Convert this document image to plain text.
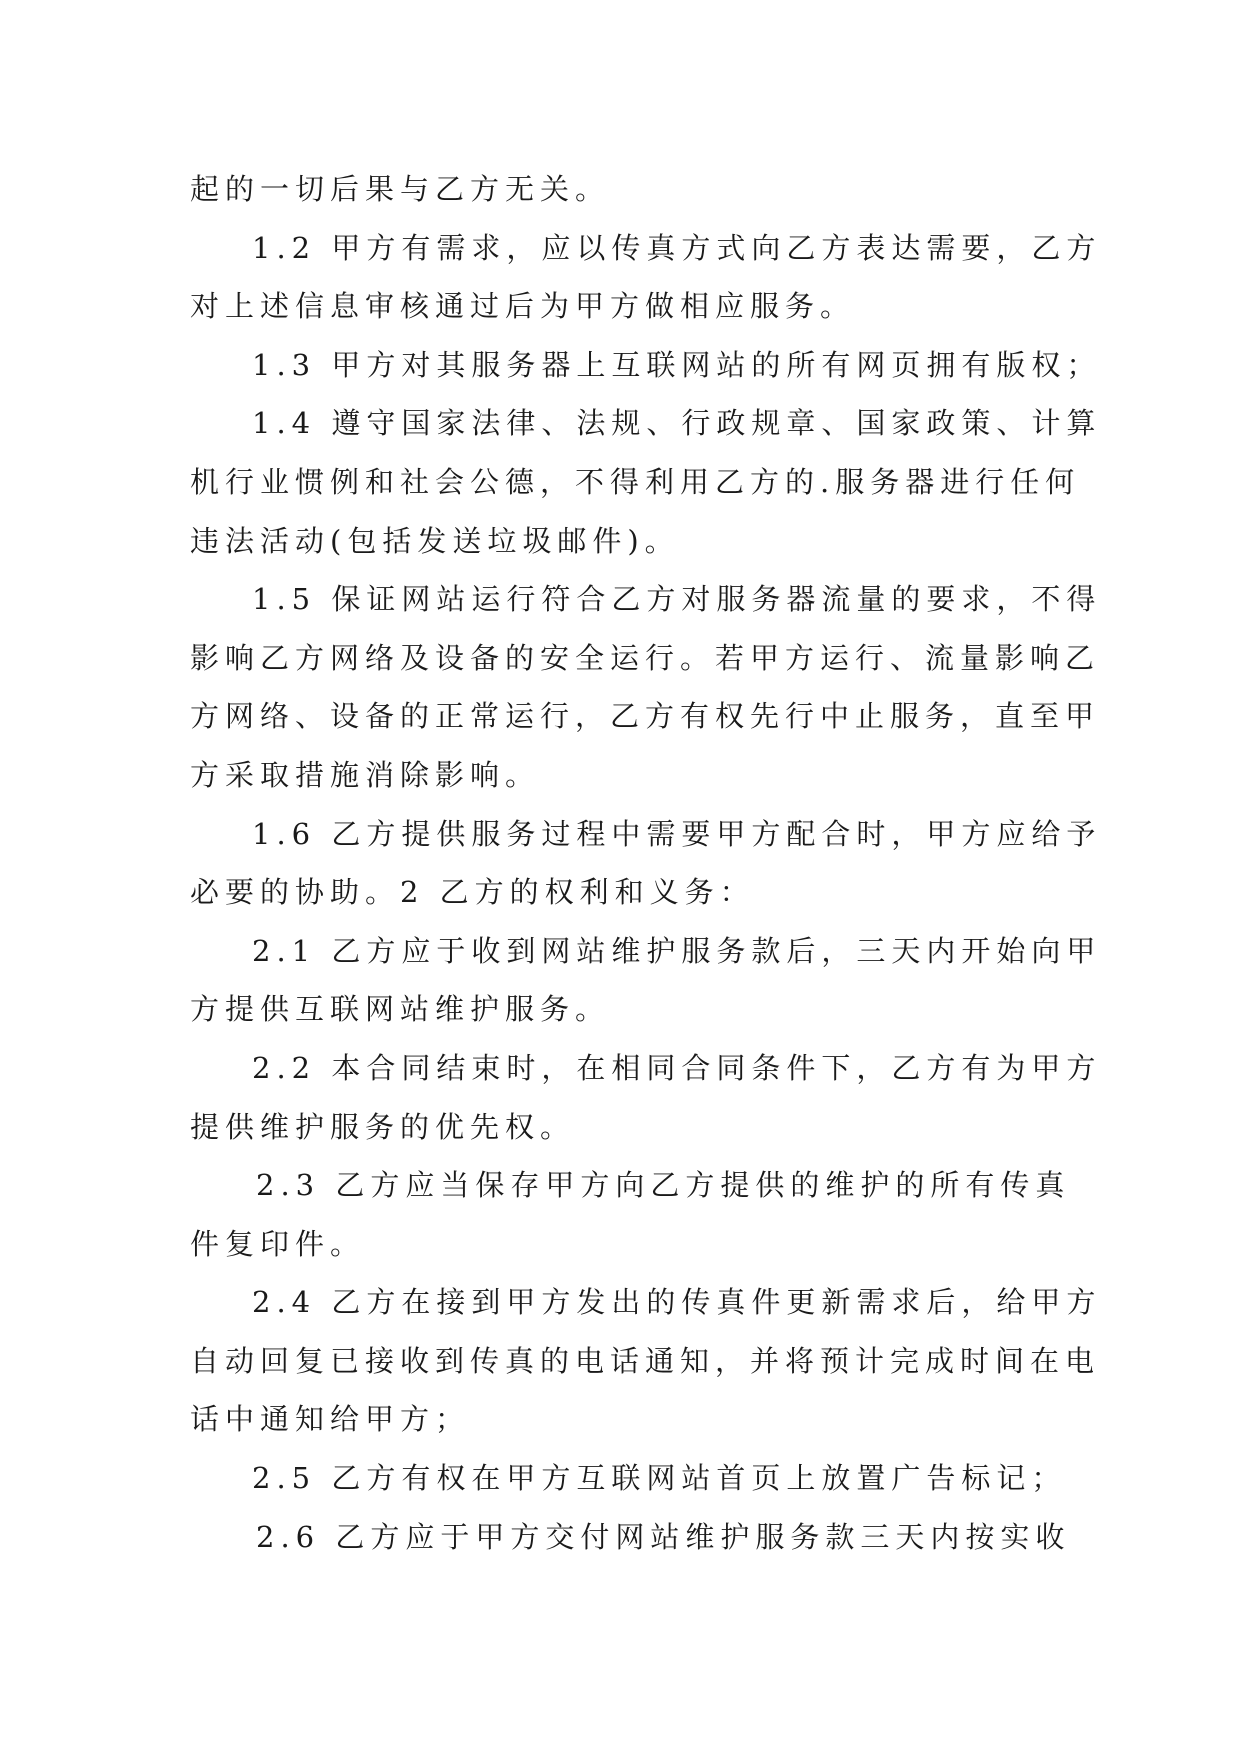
起的一切后果与乙方无关。
1.2 甲方有需求，应以传真方式向乙方表达需要，乙方
对上述信息审核通过后为甲方做相应服务。
1.3 甲方对其服务器上互联网站的所有网页拥有版权；
1.4 遵守国家法律、法规、行政规章、国家政策、计算
机行业惯例和社会公德，不得利用乙方的.服务器进行任何
违法活动(包括发送垃圾邮件)。
1.5 保证网站运行符合乙方对服务器流量的要求，不得
影响乙方网络及设备的安全运行。若甲方运行、流量影响乙
方网络、设备的正常运行，乙方有权先行中止服务，直至甲
方采取措施消除影响。
1.6 乙方提供服务过程中需要甲方配合时，甲方应给予
必要的协助。2 乙方的权利和义务：
2.1 乙方应于收到网站维护服务款后，三天内开始向甲
方提供互联网站维护服务。
2.2 本合同结束时，在相同合同条件下，乙方有为甲方
提供维护服务的优先权。
2.3 乙方应当保存甲方向乙方提供的维护的所有传真
件复印件。
2.4 乙方在接到甲方发出的传真件更新需求后，给甲方
自动回复已接收到传真的电话通知，并将预计完成时间在电
话中通知给甲方；
2.5 乙方有权在甲方互联网站首页上放置广告标记；
2.6 乙方应于甲方交付网站维护服务款三天内按实收
